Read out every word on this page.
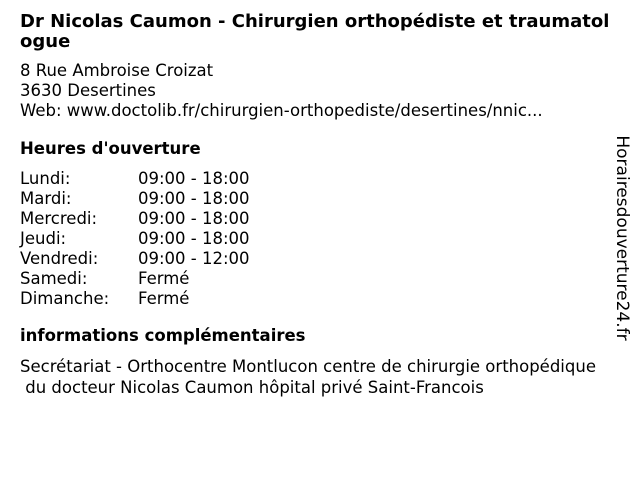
Dr Nicolas Caumon - Chirurgien orthopédiste et traumatologue
8 Rue Ambroise Croizat
3630 Desertines
Web: www.doctolib.fr/chirurgien-orthopediste/desertines/nnic...
Heures d'ouverture
Lundi:	09:00 - 18:00
Mardi:	09:00 - 18:00
Mercredi:	09:00 - 18:00
Jeudi:	09:00 - 18:00
Vendredi:	09:00 - 12:00
Samedi:	Fermé
Dimanche:	Fermé
informations complémentaires
Secrétariat - Orthocentre Montlucon centre de chirurgie orthopédique
du docteur Nicolas Caumon hôpital privé Saint-Francois
Horairesdouverture24.fr
